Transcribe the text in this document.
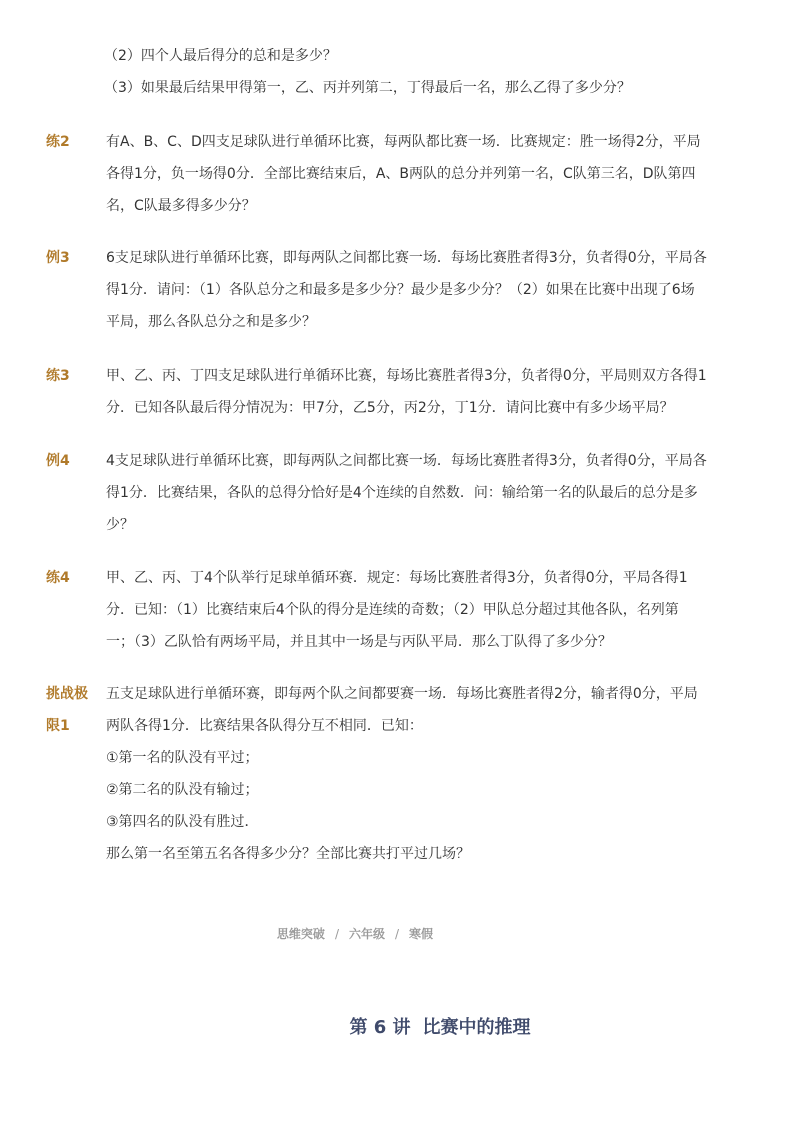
（2）四个人最后得分的总和是多少？
（3）如果最后结果甲得第一，乙、丙并列第二，丁得最后一名，那么乙得了多少分？
练2	有A、B、C、D四支足球队进行单循环比赛，每两队都比赛一场．比赛规定：胜一场得2分，平局
各得1分，负一场得0分．全部比赛结束后，A、B两队的总分并列第一名，C队第三名，D队第四
名，C队最多得多少分？
例3	6支足球队进行单循环比赛，即每两队之间都比赛一场．每场比赛胜者得3分，负者得0分，平局各
得1分．请问：（1）各队总分之和最多是多少分？最少是多少分？（2）如果在比赛中出现了6场
平局，那么各队总分之和是多少？
练3	甲、乙、丙、丁四支足球队进行单循环比赛，每场比赛胜者得3分，负者得0分，平局则双方各得1
分．已知各队最后得分情况为：甲7分，乙5分，丙2分，丁1分．请问比赛中有多少场平局？
例4	4支足球队进行单循环比赛，即每两队之间都比赛一场．每场比赛胜者得3分，负者得0分，平局各
得1分．比赛结果，各队的总得分恰好是4个连续的自然数．问：输给第一名的队最后的总分是多
少？
练4	甲、乙、丙、丁4个队举行足球单循环赛．规定：每场比赛胜者得3分，负者得0分，平局各得1
分．已知：（1）比赛结束后4个队的得分是连续的奇数；（2）甲队总分超过其他各队，名列第
一；（3）乙队恰有两场平局，并且其中一场是与丙队平局．那么丁队得了多少分？
挑战极
限1
五支足球队进行单循环赛，即每两个队之间都要赛一场．每场比赛胜者得2分，输者得0分，平局
两队各得1分．比赛结果各队得分互不相同．已知：
①第一名的队没有平过；
②第二名的队没有输过；
③第四名的队没有胜过．
那么第一名至第五名各得多少分？全部比赛共打平过几场？
思维突破 / 六年级 / 寒假
第 6 讲 比赛中的推理
